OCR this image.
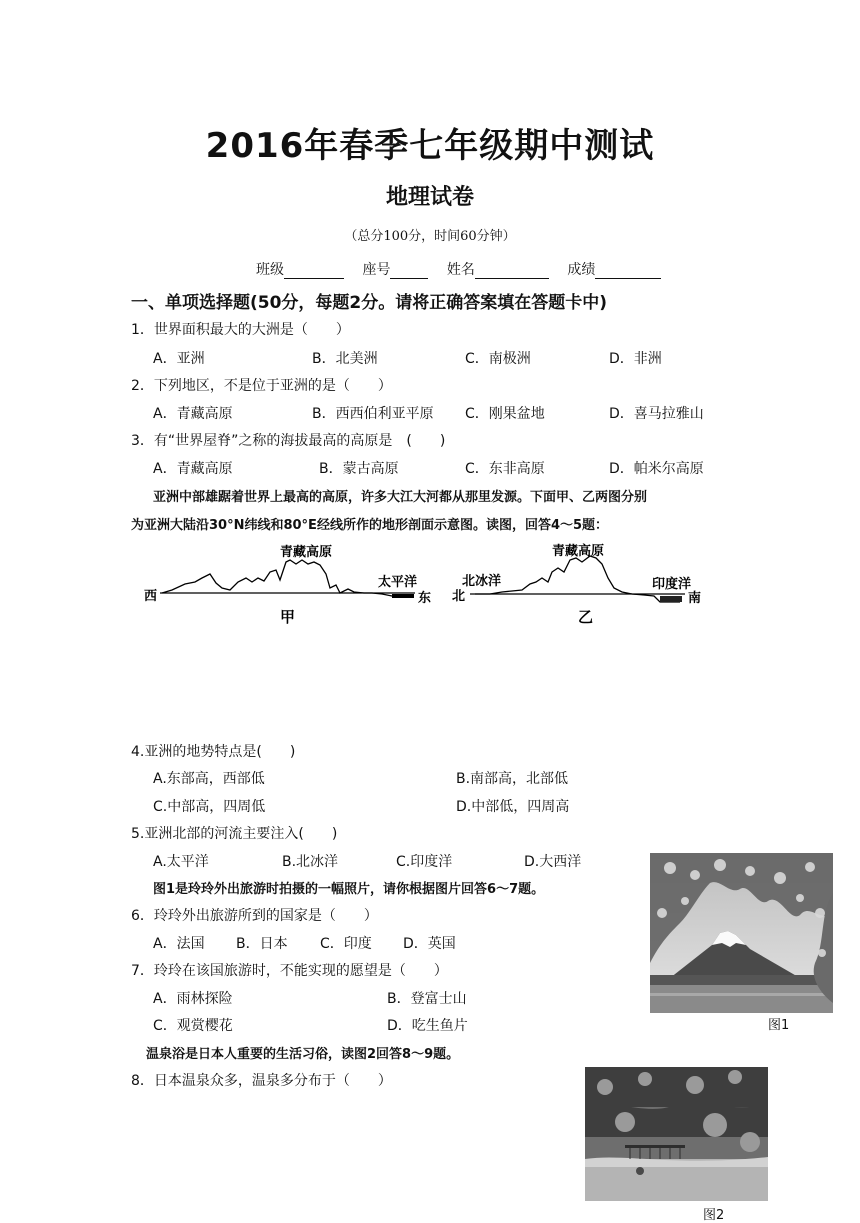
2016年春季七年级期中测试
地理试卷
（总分100分，时间60分钟）
班级	座号	姓名	成绩
一、单项选择题(50分，每题2分。请将正确答案填在答题卡中)
1．世界面积最大的大洲是（　　）
A．亚洲	B．北美洲	C．南极洲	D．非洲
2．下列地区，不是位于亚洲的是（　　）
A．青藏高原	B．西西伯利亚平原 C．刚果盆地	D．喜马拉雅山
3．有“世界屋脊”之称的海拔最高的高原是　(　　)
A．青藏高原	B．蒙古高原	C．东非高原	D．帕米尔高原
亚洲中部雄踞着世界上最高的高原，许多大江大河都从那里发源。下面甲、乙两图分别
为亚洲大陆沿30°N纬线和80°E经线所作的地形剖面示意图。读图，回答4～5题：
青藏高原
西	东
太平洋
甲
青藏高原
北	南
北冰洋	印度洋
乙
4.亚洲的地势特点是(　　)
A.东部高，西部低	B.南部高，北部低
C.中部高，四周低	D.中部低，四周高
5.亚洲北部的河流主要注入(　　)
A.太平洋	B.北冰洋	C.印度洋	D.大西洋
图1是玲玲外出旅游时拍摄的一幅照片，请你根据图片回答6～7题。
6．玲玲外出旅游所到的国家是（　　）
A．法国 B．日本 C．印度 D．英国
7．玲玲在该国旅游时，不能实现的愿望是（　　）
A．雨林探险	B．登富士山
C．观赏樱花	D．吃生鱼片
温泉浴是日本人重要的生活习俗，读图2回答8～9题。
8．日本温泉众多，温泉多分布于（　　）
图1
图2
